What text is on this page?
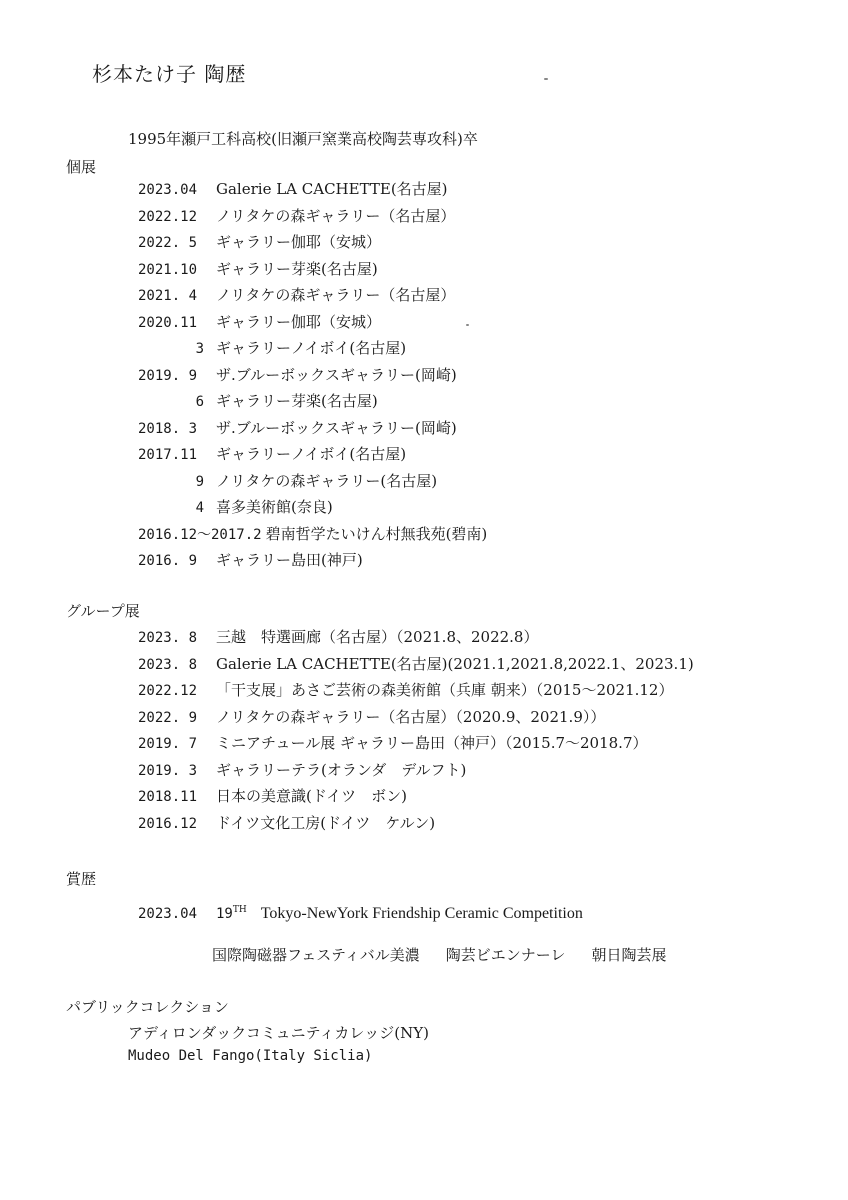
杉本たけ子 陶歴
1995年瀬戸工科高校(旧瀬戸窯業高校陶芸専攻科)卒
個展
2023.04 Galerie LA CACHETTE(名古屋)
2022.12 ノリタケの森ギャラリー（名古屋）
2022. 5 ギャラリー伽耶（安城）
2021.10 ギャラリー芽楽(名古屋)
2021. 4 ノリタケの森ギャラリー（名古屋）
2020.11 ギャラリー伽耶（安城）
3 ギャラリーノイボイ(名古屋)
2019. 9 ザ.ブルーボックスギャラリー(岡崎)
6 ギャラリー芽楽(名古屋)
2018. 3 ザ.ブルーボックスギャラリー(岡崎)
2017.11 ギャラリーノイボイ(名古屋)
9 ノリタケの森ギャラリー(名古屋)
4 喜多美術館(奈良)
2016.12～2017.2 碧南哲学たいけん村無我苑(碧南)
2016. 9 ギャラリー島田(神戸)
グループ展
2023. 8 三越　特選画廊（名古屋）（2021.8、2022.8）
2023. 8 Galerie LA CACHETTE(名古屋)(2021.1,2021.8,2022.1、2023.1)
2022.12 「干支展」あさご芸術の森美術館（兵庫 朝来）（2015～2021.12）
2022. 9 ノリタケの森ギャラリー（名古屋）（2020.9、2021.9））
2019. 7 ミニアチュール展 ギャラリー島田（神戸）（2015.7～2018.7）
2019. 3 ギャラリーテラ(オランダ　デルフト)
2018.11 日本の美意識(ドイツ　ボン)
2016.12 ドイツ文化工房(ドイツ　ケルン)
賞歴
2023.04 19TH Tokyo-NewYork Friendship Ceramic Competition
国際陶磁器フェスティバル美濃 陶芸ビエンナーレ 朝日陶芸展
パブリックコレクション
アディロンダックコミュニティカレッジ(NY)
Mudeo Del Fango(Italy Siclia)
